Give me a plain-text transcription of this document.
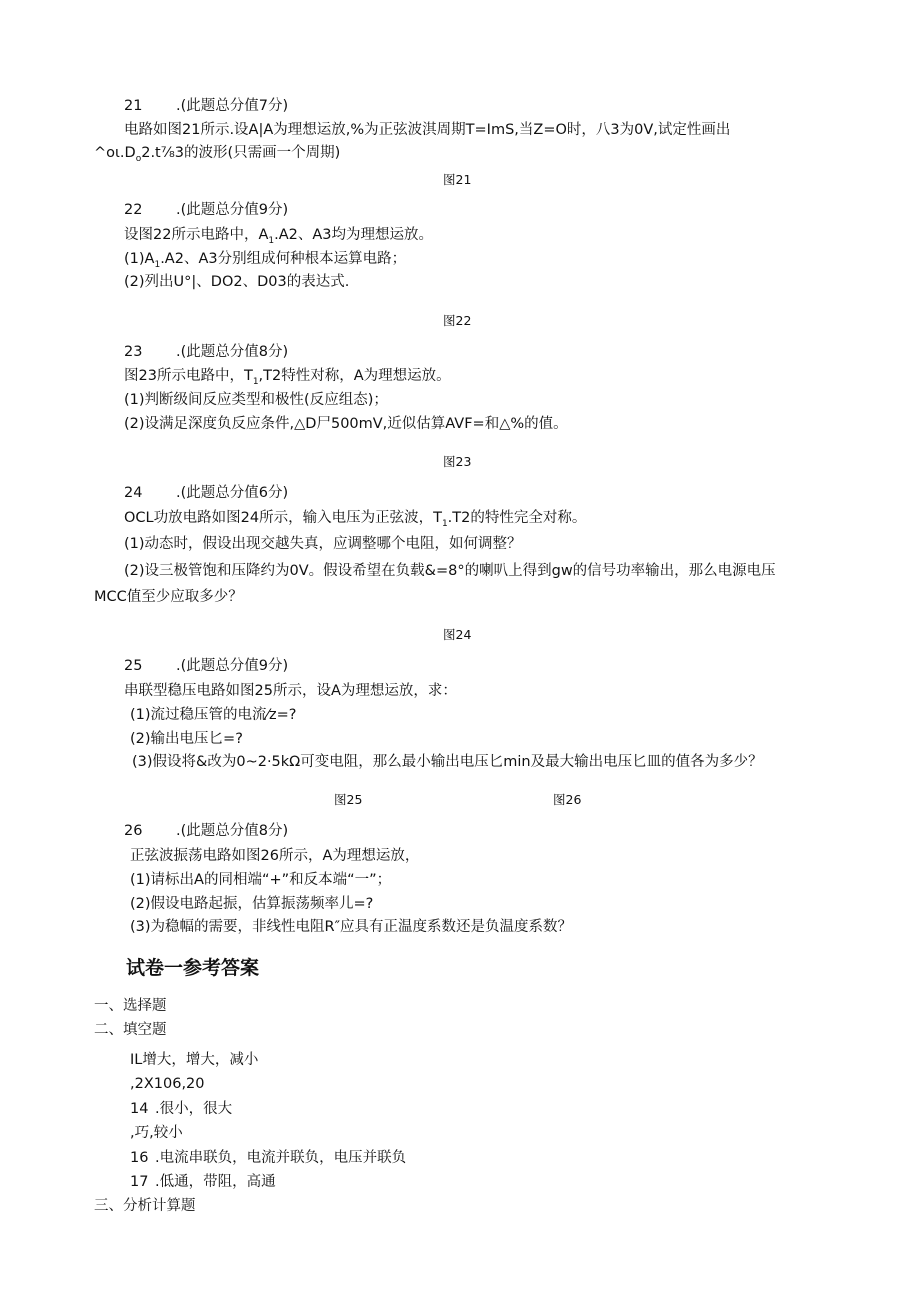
21 .(此题总分值7分)
电路如图21所示.设A|A为理想运放,%为正弦波淇周期T=ImS,当Z=O时，八3为0V,试定性画出
$\^{}o\iota.D_o2.t\frac{7}{8}3$的波形(只需画一个周期)
图21
22 .(此题总分值9分)
设图22所示电路中，$A_1.A2$、A3均为理想运放。
$(1)A_1.A2$、A3分别组成何种根本运算电路；
(2)列出U°|、DO2、D03的表达式.
图22
23 .(此题总分值8分)
图23所示电路中，$T_1,T2$特性对称，A为理想运放。
(1)判断级间反应类型和极性(反应组态)；
(2)设满足深度负反应条件,△D尸500mV,近似估算AVF=和△%的值。
图23
24 .(此题总分值6分)
OCL功放电路如图24所示，输入电压为正弦波，$T_1.T2$的特性完全对称。
(1)动态时，假设出现交越失真，应调整哪个电阻，如何调整？
(2)设三极管饱和压降约为0V。假设希望在负载&=8°的喇叭上得到gw的信号功率输出，那么电源电压
MCC值至少应取多少？
图24
25 .(此题总分值9分)
串联型稳压电路如图25所示，设A为理想运放，求：
(1)流过稳压管的电流⁄z=?
(2)输出电压匕=?
(3)假设将&改为0~2·5kΩ可变电阻，那么最小输出电压匕min及最大输出电压匕皿的值各为多少？
图25	图26
26 .(此题总分值8分)
正弦波振荡电路如图26所示，A为理想运放，
(1)请标出A的同相端“+”和反本端“一”；
(2)假设电路起振，估算振荡频率儿=?
(3)为稳幅的需要，非线性电阻R″应具有正温度系数还是负温度系数？
试卷一参考答案
一、选择题
二、填空题
IL增大，增大，减小
,2X106,20
14 .很小，很大
,巧,较小
16 .电流串联负，电流并联负，电压并联负
17 .低通，带阻，高通
三、分析计算题
